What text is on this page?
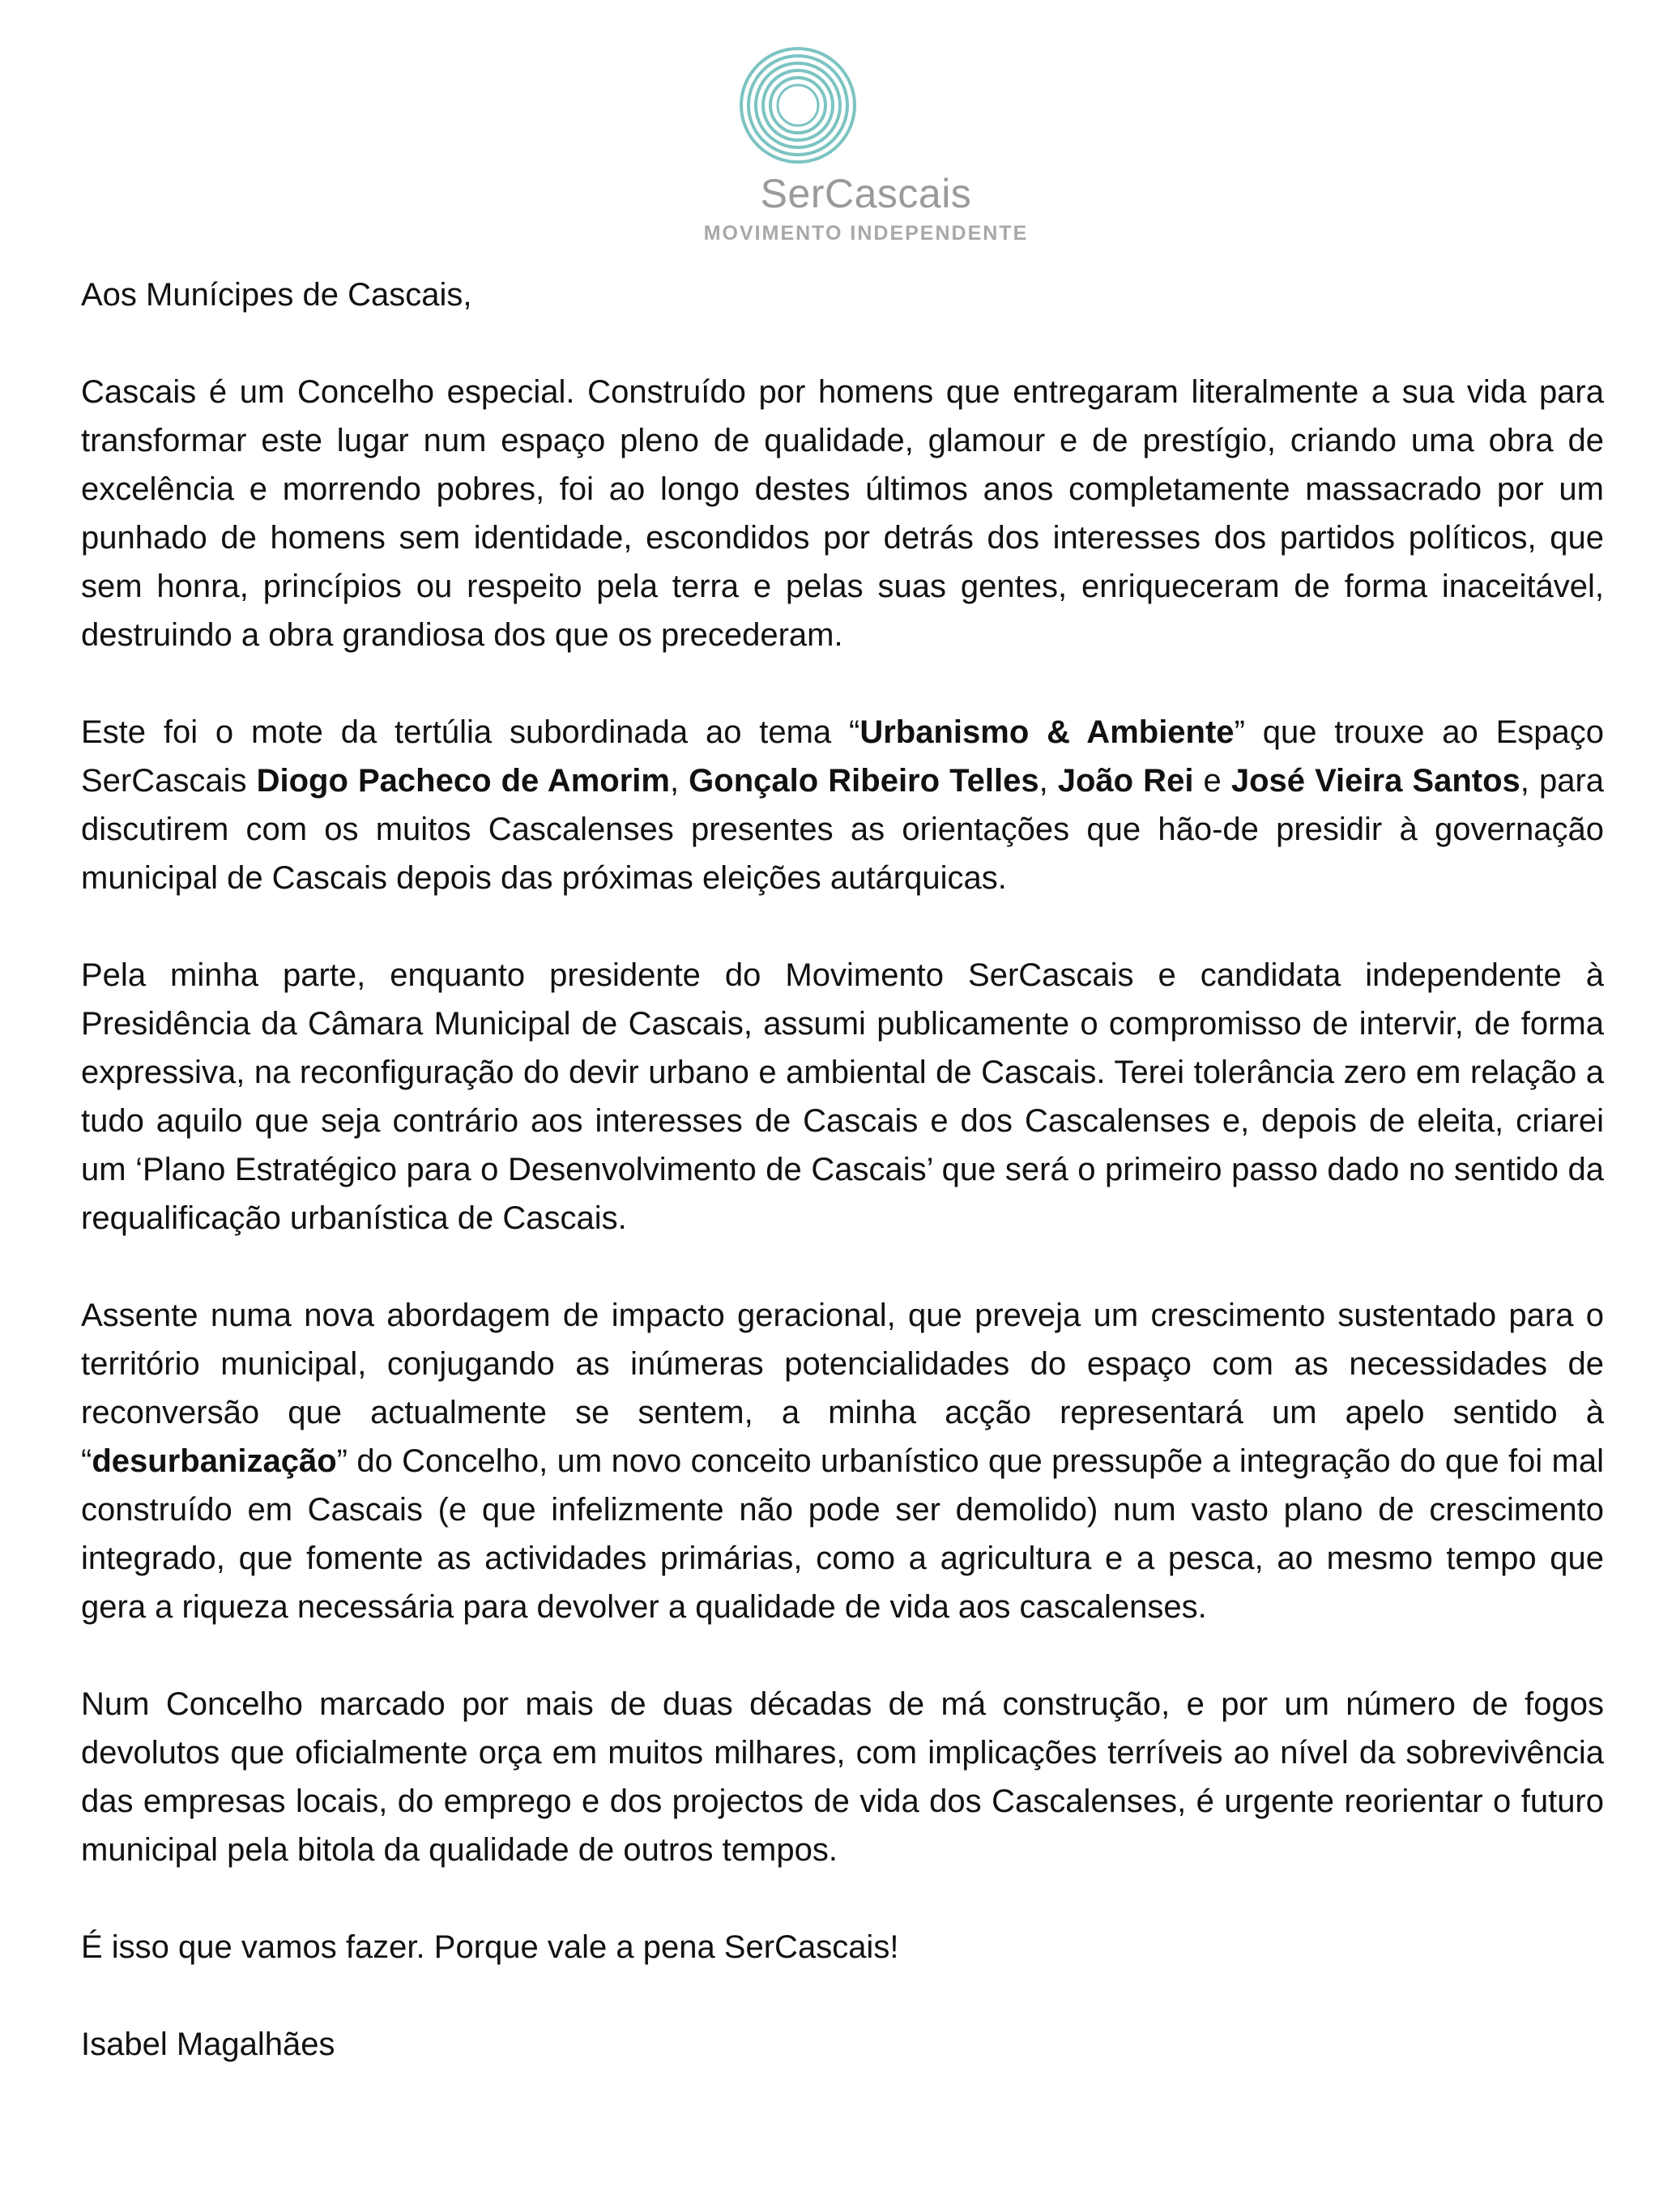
SerCascais
MOVIMENTO INDEPENDENTE

Aos Munícipes de Cascais,

Cascais é um Concelho especial. Construído por homens que entregaram literalmente a sua vida para transformar este lugar num espaço pleno de qualidade, glamour e de prestígio, criando uma obra de excelência e morrendo pobres, foi ao longo destes últimos anos completamente massacrado por um punhado de homens sem identidade, escondidos por detrás dos interesses dos partidos políticos, que sem honra, princípios ou respeito pela terra e pelas suas gentes, enriqueceram de forma inaceitável, destruindo a obra grandiosa dos que os precederam.

Este foi o mote da tertúlia subordinada ao tema “Urbanismo & Ambiente” que trouxe ao Espaço SerCascais Diogo Pacheco de Amorim, Gonçalo Ribeiro Telles, João Rei e José Vieira Santos, para discutirem com os muitos Cascalenses presentes as orientações que hão-de presidir à governação municipal de Cascais depois das próximas eleições autárquicas.

Pela minha parte, enquanto presidente do Movimento SerCascais e candidata independente à Presidência da Câmara Municipal de Cascais, assumi publicamente o compromisso de intervir, de forma expressiva, na reconfiguração do devir urbano e ambiental de Cascais. Terei tolerância zero em relação a tudo aquilo que seja contrário aos interesses de Cascais e dos Cascalenses e, depois de eleita, criarei um ‘Plano Estratégico para o Desenvolvimento de Cascais’ que será o primeiro passo dado no sentido da requalificação urbanística de Cascais.

Assente numa nova abordagem de impacto geracional, que preveja um crescimento sustentado para o território municipal, conjugando as inúmeras potencialidades do espaço com as necessidades de reconversão que actualmente se sentem, a minha acção representará um apelo sentido à “desurbanização” do Concelho, um novo conceito urbanístico que pressupõe a integração do que foi mal construído em Cascais (e que infelizmente não pode ser demolido) num vasto plano de crescimento integrado, que fomente as actividades primárias, como a agricultura e a pesca, ao mesmo tempo que gera a riqueza necessária para devolver a qualidade de vida aos cascalenses.

Num Concelho marcado por mais de duas décadas de má construção, e por um número de fogos devolutos que oficialmente orça em muitos milhares, com implicações terríveis ao nível da sobrevivência das empresas locais, do emprego e dos projectos de vida dos Cascalenses, é urgente reorientar o futuro municipal pela bitola da qualidade de outros tempos.

É isso que vamos fazer. Porque vale a pena SerCascais!

Isabel Magalhães
